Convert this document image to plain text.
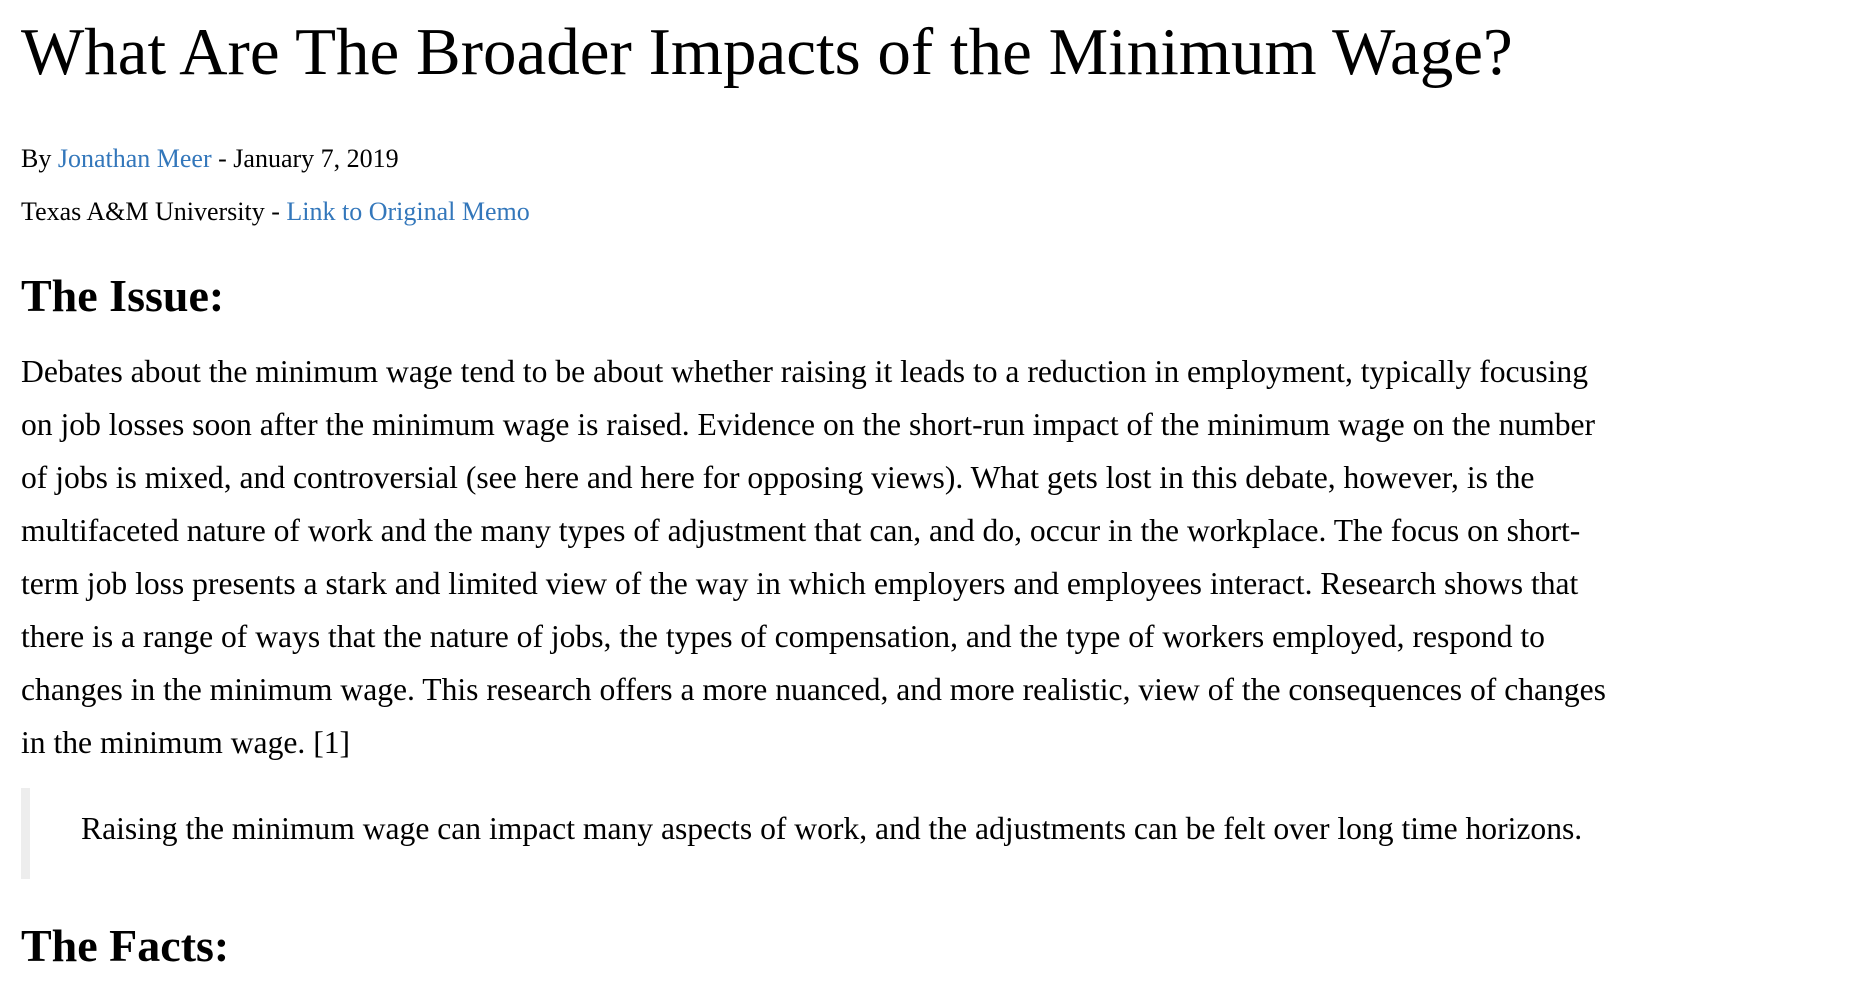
What Are The Broader Impacts of the Minimum Wage?

By Jonathan Meer - January 7, 2019

Texas A&M University - Link to Original Memo

The Issue:

Debates about the minimum wage tend to be about whether raising it leads to a reduction in employment, typically focusing
on job losses soon after the minimum wage is raised. Evidence on the short-run impact of the minimum wage on the number
of jobs is mixed, and controversial (see here and here for opposing views). What gets lost in this debate, however, is the
multifaceted nature of work and the many types of adjustment that can, and do, occur in the workplace. The focus on short-
term job loss presents a stark and limited view of the way in which employers and employees interact. Research shows that
there is a range of ways that the nature of jobs, the types of compensation, and the type of workers employed, respond to
changes in the minimum wage. This research offers a more nuanced, and more realistic, view of the consequences of changes
in the minimum wage. [1]

Raising the minimum wage can impact many aspects of work, and the adjustments can be felt over long time horizons.
The Facts:
